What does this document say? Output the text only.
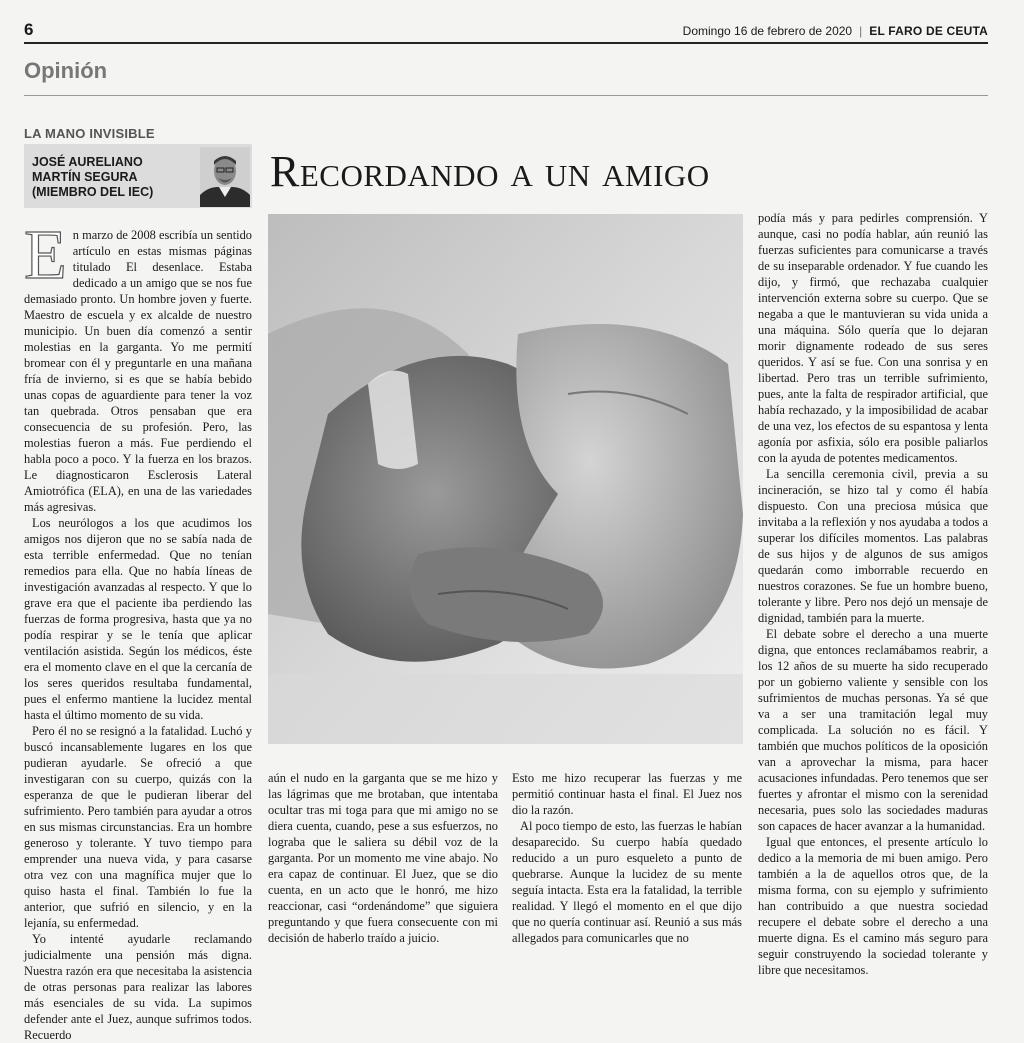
6	Domingo 16 de febrero de 2020 | EL FARO DE CEUTA
Opinión
LA MANO INVISIBLE
JOSÉ AURELIANO
MARTÍN SEGURA
(MIEMBRO DEL IEC)	Recordando a un amigo

En marzo de 2008 escribía un sentido artículo en estas mismas páginas titulado El desenlace. Estaba dedicado a un amigo que se nos fue demasiado pronto. Un hombre joven y fuerte. Maestro de escuela y ex alcalde de nuestro municipio. Un buen día comenzó a sentir molestias en la garganta. Yo me permití bromear con él y preguntarle en una mañana fría de invierno, si es que se había bebido unas copas de aguardiente para tener la voz tan quebrada. Otros pensaban que era consecuencia de su profesión. Pero, las molestias fueron a más. Fue perdiendo el habla poco a poco. Y la fuerza en los brazos. Le diagnosticaron Esclerosis Lateral Amiotrófica (ELA), en una de las variedades más agresivas.

Los neurólogos a los que acudimos los amigos nos dijeron que no se sabía nada de esta terrible enfermedad. Que no tenían remedios para ella. Que no había líneas de investigación avanzadas al respecto. Y que lo grave era que el paciente iba perdiendo las fuerzas de forma progresiva, hasta que ya no podía respirar y se le tenía que aplicar ventilación asistida. Según los médicos, éste era el momento clave en el que la cercanía de los seres queridos resultaba fundamental, pues el enfermo mantiene la lucidez mental hasta el último momento de su vida.

Pero él no se resignó a la fatalidad. Luchó y buscó incansablemente lugares en los que pudieran ayudarle. Se ofreció a que investigaran con su cuerpo, quizás con la esperanza de que le pudieran liberar del sufrimiento. Pero también para ayudar a otros en sus mismas circunstancias. Era un hombre generoso y tolerante. Y tuvo tiempo para emprender una nueva vida, y para casarse otra vez con una magnífica mujer que lo quiso hasta el final. También lo fue la anterior, que sufrió en silencio, y en la lejanía, su enfermedad.

Yo intenté ayudarle reclamando judicialmente una pensión más digna. Nuestra razón era que necesitaba la asistencia de otras personas para realizar las labores más esenciales de su vida. La supimos defender ante el Juez, aunque sufrimos todos. Recuerdo

aún el nudo en la garganta que se me hizo y las lágrimas que me brotaban, que intentaba ocultar tras mi toga para que mi amigo no se diera cuenta, cuando, pese a sus esfuerzos, no lograba que le saliera su débil voz de la garganta. Por un momento me vine abajo. No era capaz de continuar. El Juez, que se dio cuenta, en un acto que le honró, me hizo reaccionar, casi “ordenándome” que siguiera preguntando y que fuera consecuente con mi decisión de haberlo traído a juicio.

Esto me hizo recuperar las fuerzas y me permitió continuar hasta el final. El Juez nos dio la razón.

Al poco tiempo de esto, las fuerzas le habían desaparecido. Su cuerpo había quedado reducido a un puro esqueleto a punto de quebrarse. Aunque la lucidez de su mente seguía intacta. Esta era la fatalidad, la terrible realidad. Y llegó el momento en el que dijo que no quería continuar así. Reunió a sus más allegados para comunicarles que no

podía más y para pedirles comprensión. Y aunque, casi no podía hablar, aún reunió las fuerzas suficientes para comunicarse a través de su inseparable ordenador. Y fue cuando les dijo, y firmó, que rechazaba cualquier intervención externa sobre su cuerpo. Que se negaba a que le mantuvieran su vida unida a una máquina. Sólo quería que lo dejaran morir dignamente rodeado de sus seres queridos. Y así se fue. Con una sonrisa y en libertad. Pero tras un terrible sufrimiento, pues, ante la falta de respirador artificial, que había rechazado, y la imposibilidad de acabar de una vez, los efectos de su espantosa y lenta agonía por asfixia, sólo era posible paliarlos con la ayuda de potentes medicamentos.

La sencilla ceremonia civil, previa a su incineración, se hizo tal y como él había dispuesto. Con una preciosa música que invitaba a la reflexión y nos ayudaba a todos a superar los difíciles momentos. Las palabras de sus hijos y de algunos de sus amigos quedarán como imborrable recuerdo en nuestros corazones. Se fue un hombre bueno, tolerante y libre. Pero nos dejó un mensaje de dignidad, también para la muerte.

El debate sobre el derecho a una muerte digna, que entonces reclamábamos reabrir, a los 12 años de su muerte ha sido recuperado por un gobierno valiente y sensible con los sufrimientos de muchas personas. Ya sé que va a ser una tramitación legal muy complicada. La solución no es fácil. Y también que muchos políticos de la oposición van a aprovechar la misma, para hacer acusaciones infundadas. Pero tenemos que ser fuertes y afrontar el mismo con la serenidad necesaria, pues solo las sociedades maduras son capaces de hacer avanzar a la humanidad.

Igual que entonces, el presente artículo lo dedico a la memoria de mi buen amigo. Pero también a la de aquellos otros que, de la misma forma, con su ejemplo y sufrimiento han contribuido a que nuestra sociedad recupere el debate sobre el derecho a una muerte digna. Es el camino más seguro para seguir construyendo la sociedad tolerante y libre que necesitamos.
